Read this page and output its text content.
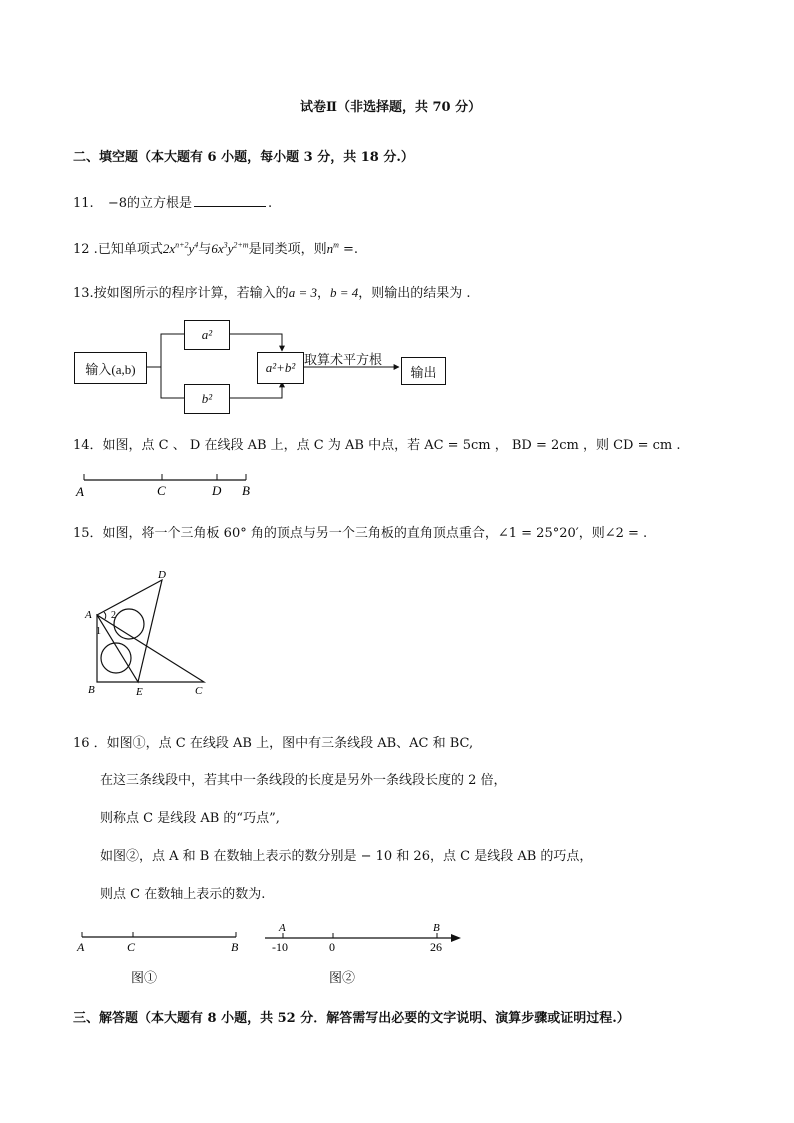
试卷Ⅱ（非选择题，共 70 分）
二、填空题（本大题有 6 小题，每小题 3 分，共 18 分.）
11. −8的立方根是	.
12 .已知单项式$2x^{n+2}y^4$与$6x^3y^{2+m}$是同类项，则$n^m$ =.
13.按如图所示的程序计算，若输入的a = 3，b = 4，则输出的结果为 .
输入(a,b)
a²
b²
a²+b² 取算术平方根
输出
14．如图，点 C 、 D 在线段 AB 上，点 C 为 AB 中点，若 AC = 5cm ， BD = 2cm ，则 CD = cm .
A	C	D B
15．如图，将一个三角板 60° 角的顶点与另一个三角板的直角顶点重合，∠1 = 25°20′，则∠2 = .
A
B	C
D
E
1
2
16 ．如图①，点 C 在线段 AB 上，图中有三条线段 AB、AC 和 BC,
在这三条线段中，若其中一条线段的长度是另外一条线段长度的 2 倍，
则称点 C 是线段 AB 的“巧点”,
如图②，点 A 和 B 在数轴上表示的数分别是 − 10 和 26，点 C 是线段 AB 的巧点，
则点 C 在数轴上表示的数为.
A	C	B
A	B
-10	0	26
图①	图②
三、解答题（本大题有 8 小题，共 52 分．解答需写出必要的文字说明、演算步骤或证明过程.）
